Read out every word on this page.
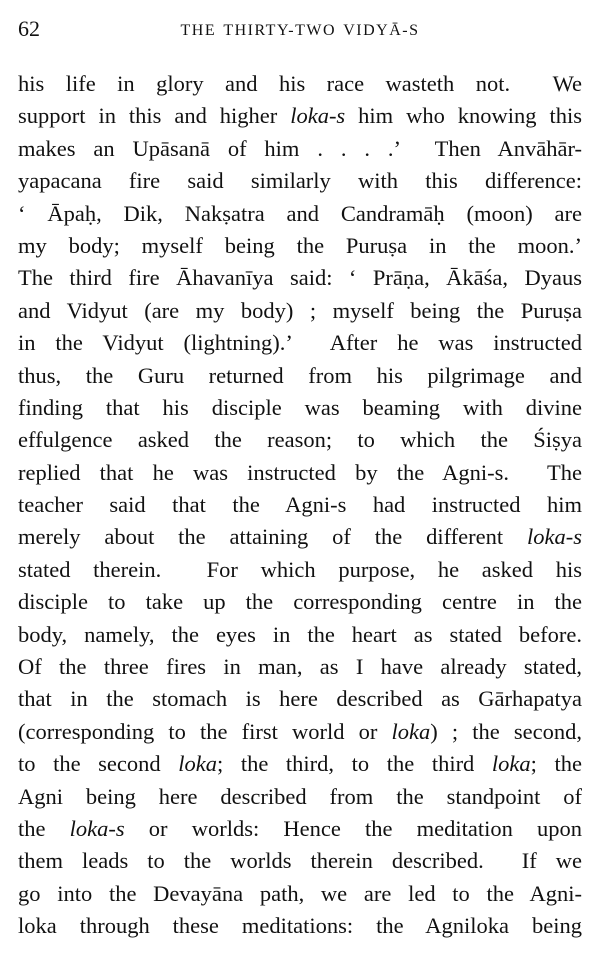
62	THE THIRTY-TWO VIDYĀ-S
his life in glory and his race wasteth not.  We
support in this and higher loka-s him who knowing this
makes an Upāsanā of him . . . .’  Then Anvāhār-
yapacana fire said similarly with this difference:
‘ Āpaḥ, Dik, Nakṣatra and Candramāḥ (moon) are
my body; myself being the Puruṣa in the moon.’
The third fire Āhavanīya said: ‘ Prāṇa, Ākāśa, Dyaus
and Vidyut (are my body) ; myself being the Puruṣa
in the Vidyut (lightning).’  After he was instructed
thus, the Guru returned from his pilgrimage and
finding that his disciple was beaming with divine
effulgence asked the reason; to which the Śiṣya
replied that he was instructed by the Agni-s.  The
teacher said that the Agni-s had instructed him
merely about the attaining of the different loka-s
stated therein.  For which purpose, he asked his
disciple to take up the corresponding centre in the
body, namely, the eyes in the heart as stated before.
Of the three fires in man, as I have already stated,
that in the stomach is here described as Gārhapatya
(corresponding to the first world or loka) ; the second,
to the second loka; the third, to the third loka; the
Agni being here described from the standpoint of
the loka-s or worlds: Hence the meditation upon
them leads to the worlds therein described.  If we
go into the Devayāna path, we are led to the Agni-
loka through these meditations: the Agniloka being
